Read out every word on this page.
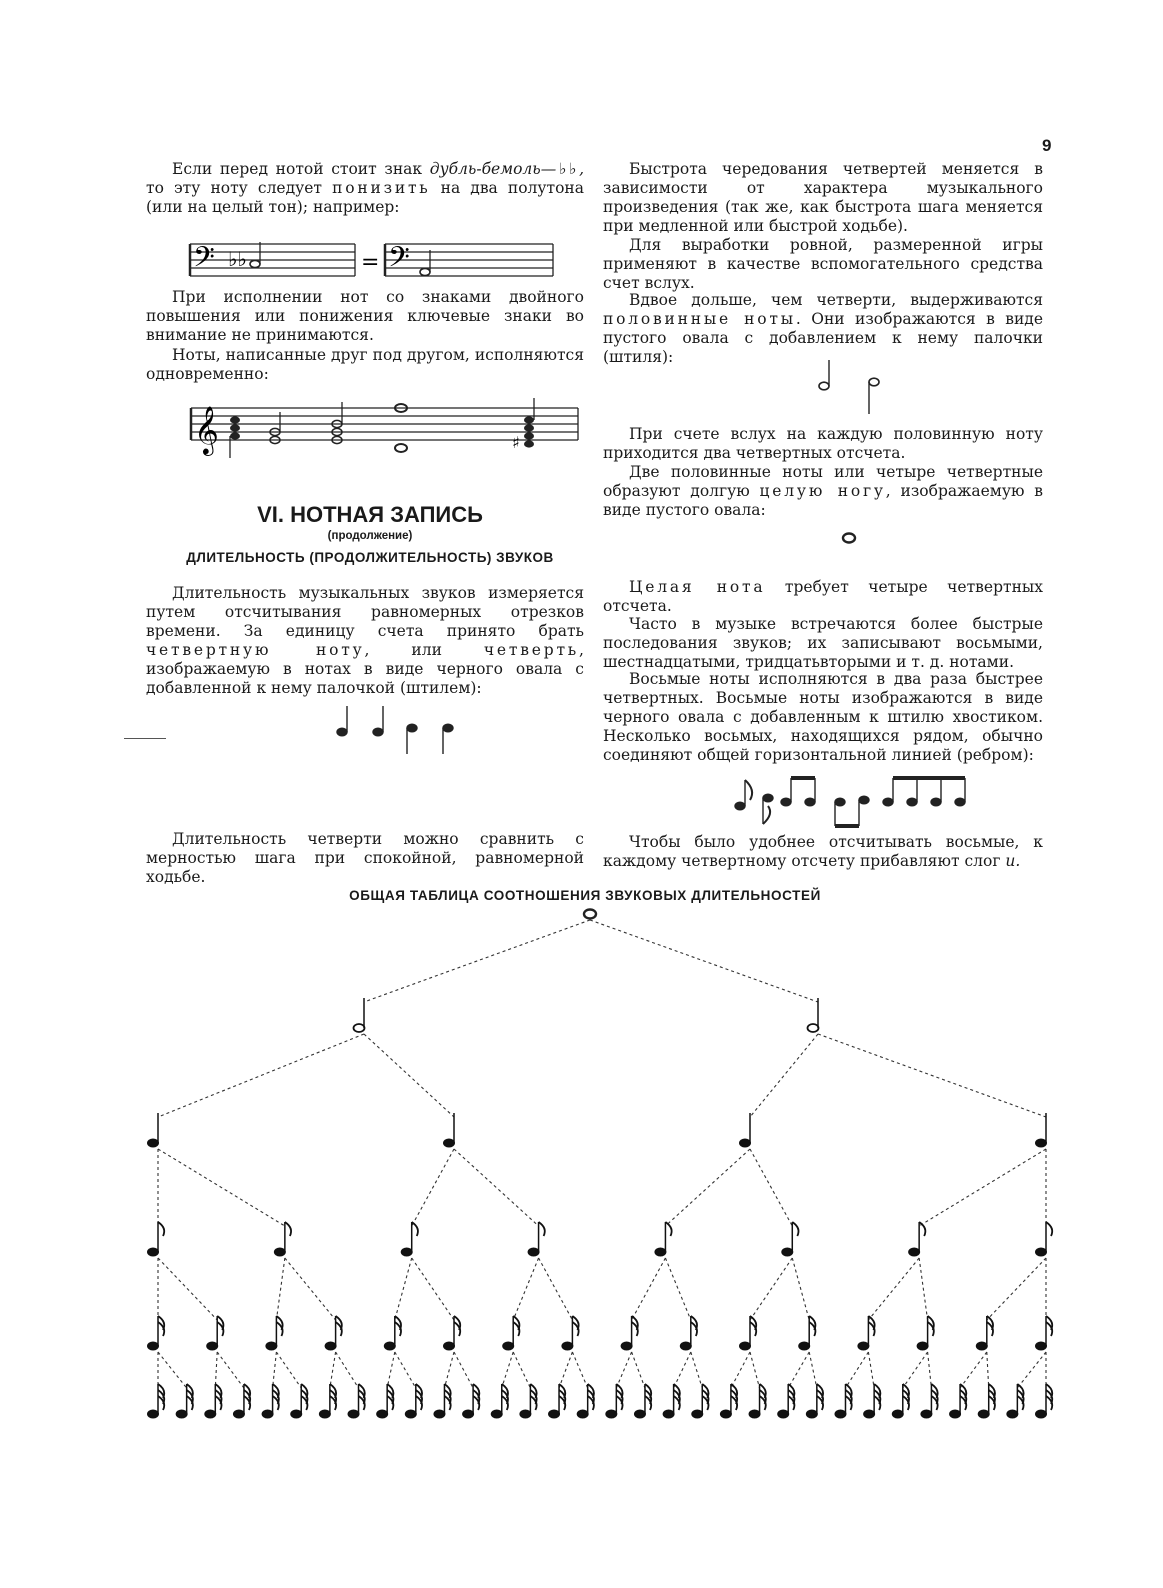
9

Если перед нотой стоит знак дубль-бемоль—♭♭, то эту ноту следует понизить на два полутона (или на целый тон); например:

𝄢 ♭♭	= 𝄢

При исполнении нот со знаками двойного повышения или понижения ключевые знаки во внимание не принимаются.

Ноты, написанные друг под другом, исполняются одновременно:

𝄞	♯
VI. НОТНАЯ ЗАПИСЬ
(продолжение)
ДЛИТЕЛЬНОСТЬ (ПРОДОЛЖИТЕЛЬНОСТЬ) ЗВУКОВ

Длительность музыкальных звуков измеряется путем отсчитывания равномерных отрезков времени. За единицу счета принято брать четвертную ноту, или четверть, изображаемую в нотах в виде черного овала с добавленной к нему палочкой (штилем):

Длительность четверти можно сравнить с мерностью шага при спокойной, равномерной ходьбе.

Быстрота чередования четвертей меняется в зависимости от характера музыкального произведения (так же, как быстрота шага меняется при медленной или быстрой ходьбе).

Для выработки ровной, размеренной игры применяют в качестве вспомогательного средства счет вслух.

Вдвое дольше, чем четверти, выдерживаются половинные ноты. Они изображаются в виде пустого овала с добавлением к нему палочки (штиля):

При счете вслух на каждую половинную ноту приходится два четвертных отсчета.

Две половинные ноты или четыре четвертные образуют долгую целую ногу, изображаемую в виде пустого овала:

Целая нота требует четыре четвертных отсчета.

Часто в музыке встречаются более быстрые последования звуков; их записывают восьмыми, шестнадцатыми, тридцатьвторыми и т. д. нотами.

Восьмые ноты исполняются в два раза быстрее четвертных. Восьмые ноты изображаются в виде черного овала с добавленным к штилю хвостиком. Несколько восьмых, находящихся рядом, обычно соединяют общей горизонтальной линией (ребром):

Чтобы было удобнее отсчитывать восьмые, к каждому четвертному отсчету прибавляют слог и.

ОБЩАЯ ТАБЛИЦА СООТНОШЕНИЯ ЗВУКОВЫХ ДЛИТЕЛЬНОСТЕЙ
